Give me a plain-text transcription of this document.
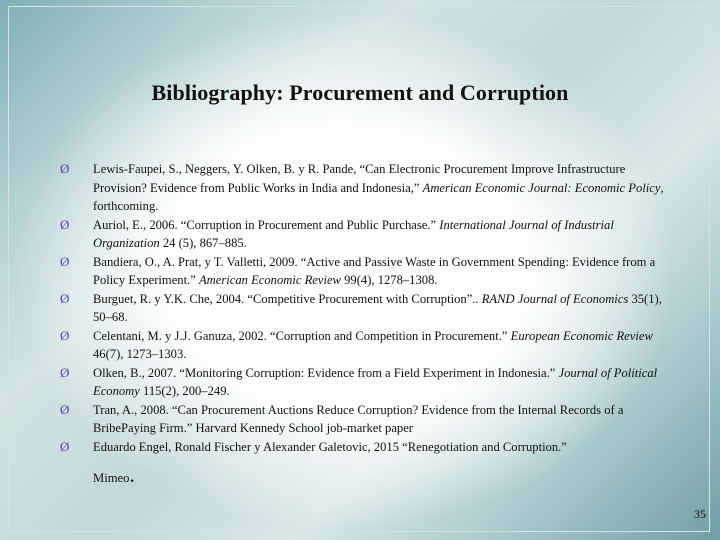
Bibliography: Procurement and Corruption
Ø	Lewis-Faupei, S., Neggers, Y. Olken, B. y R. Pande, “Can Electronic Procurement Improve Infrastructure Provision? Evidence from Public Works in India and Indonesia,” American Economic Journal: Economic Policy, forthcoming.
Ø	Auriol, E., 2006. “Corruption in Procurement and Public Purchase.” International Journal of Industrial Organization 24 (5), 867–885.
Ø	Bandiera, O., A. Prat, y T. Valletti, 2009. “Active and Passive Waste in Government Spending: Evidence from a Policy Experiment.” American Economic Review 99(4), 1278–1308.
Ø	Burguet, R. y Y.K. Che, 2004. “Competitive Procurement with Corruption”.. RAND Journal of Economics 35(1), 50–68.
Ø	Celentani, M. y J.J. Ganuza, 2002. “Corruption and Competition in Procurement.” European Economic Review 46(7), 1273–1303.
Ø	Olken, B., 2007. “Monitoring Corruption: Evidence from a Field Experiment in Indonesia.” Journal of Political Economy 115(2), 200–249.
Ø	Tran, A., 2008. “Can Procurement Auctions Reduce Corruption? Evidence from the Internal Records of a BribePaying Firm.” Harvard Kennedy School job-market paper
Ø	Eduardo Engel, Ronald Fischer y Alexander Galetovic, 2015 “Renegotiation and Corruption.”
Mimeo.
35
